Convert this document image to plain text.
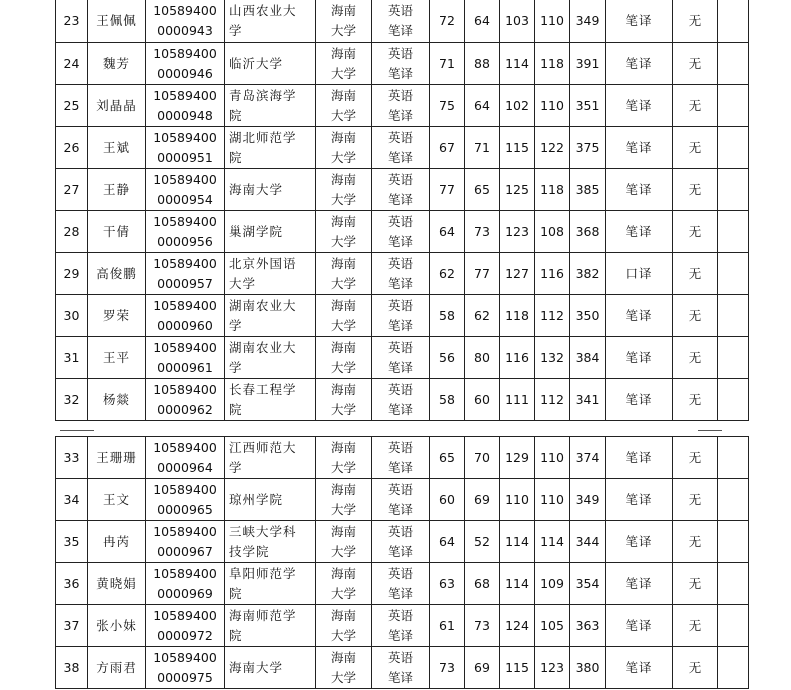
23	王佩佩	10589400
0000943	山西农业大
学	海南
大学	英语
笔译	72	64	103	110	349	笔译	无	
24	魏芳	10589400
0000946	临沂大学	海南
大学	英语
笔译	71	88	114	118	391	笔译	无	
25	刘晶晶	10589400
0000948	青岛滨海学
院	海南
大学	英语
笔译	75	64	102	110	351	笔译	无	
26	王斌	10589400
0000951	湖北师范学
院	海南
大学	英语
笔译	67	71	115	122	375	笔译	无	
27	王静	10589400
0000954	海南大学	海南
大学	英语
笔译	77	65	125	118	385	笔译	无	
28	干倩	10589400
0000956	巢湖学院	海南
大学	英语
笔译	64	73	123	108	368	笔译	无	
29	高俊鹏	10589400
0000957	北京外国语
大学	海南
大学	英语
笔译	62	77	127	116	382	口译	无	
30	罗荣	10589400
0000960	湖南农业大
学	海南
大学	英语
笔译	58	62	118	112	350	笔译	无	
31	王平	10589400
0000961	湖南农业大
学	海南
大学	英语
笔译	56	80	116	132	384	笔译	无	
32	杨燚	10589400
0000962	长春工程学
院	海南
大学	英语
笔译	58	60	111	112	341	笔译	无	
33	王珊珊	10589400
0000964	江西师范大
学	海南
大学	英语
笔译	65	70	129	110	374	笔译	无	
34	王文	10589400
0000965	琼州学院	海南
大学	英语
笔译	60	69	110	110	349	笔译	无	
35	冉芮	10589400
0000967	三峡大学科
技学院	海南
大学	英语
笔译	64	52	114	114	344	笔译	无	
36	黄晓娟	10589400
0000969	阜阳师范学
院	海南
大学	英语
笔译	63	68	114	109	354	笔译	无	
37	张小妹	10589400
0000972	海南师范学
院	海南
大学	英语
笔译	61	73	124	105	363	笔译	无	
38	方雨君	10589400
0000975	海南大学	海南
大学	英语
笔译	73	69	115	123	380	笔译	无	
